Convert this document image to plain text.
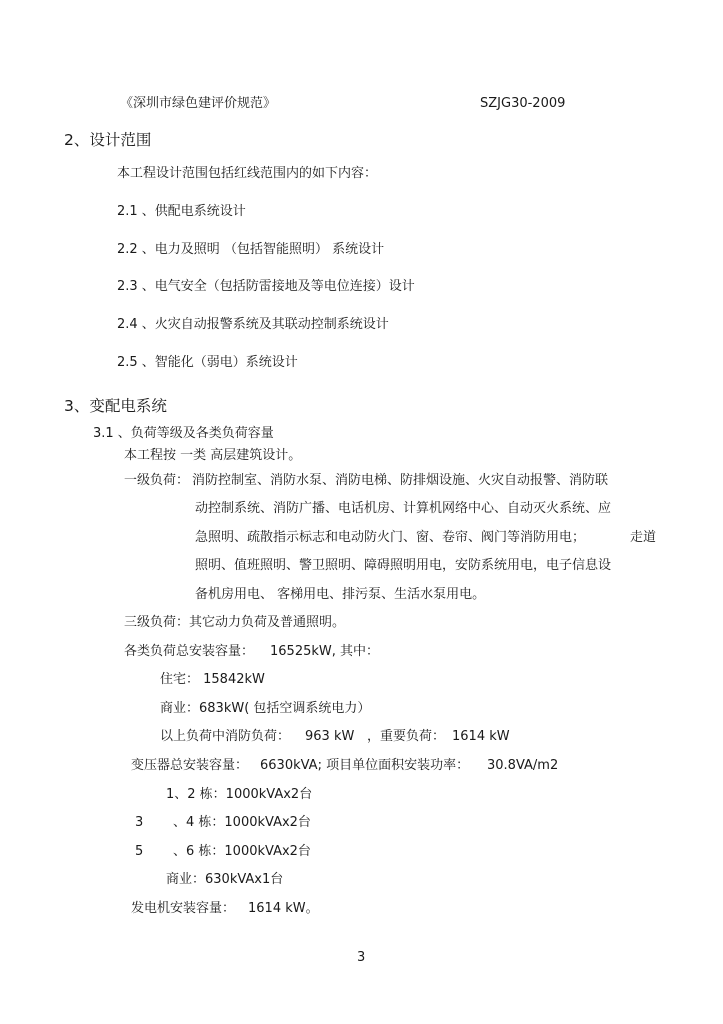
《深圳市绿色建评价规范》	SZJG30-2009
2、设计范围
本工程设计范围包括红线范围内的如下内容：
2.1 、供配电系统设计
2.2 、电力及照明 （包括智能照明） 系统设计
2.3 、电气安全（包括防雷接地及等电位连接）设计
2.4 、火灾自动报警系统及其联动控制系统设计
2.5 、智能化（弱电）系统设计
3、变配电系统
3.1 、负荷等级及各类负荷容量
本工程按 一类 高层建筑设计。
一级负荷： 消防控制室、消防水泵、消防电梯、防排烟设施、火灾自动报警、消防联
动控制系统、消防广播、电话机房、计算机网络中心、自动灭火系统、应
急照明、疏散指示标志和电动防火门、窗、卷帘、阀门等消防用电；	走道
照明、值班照明、警卫照明、障碍照明用电，安防系统用电，电子信息设
备机房用电、 客梯用电、排污泵、生活水泵用电。
三级负荷：其它动力负荷及普通照明。
各类负荷总安装容量： 16525kW, 其中：
住宅： 15842kW
商业：683kW( 包括空调系统电力）
以上负荷中消防负荷： 963 kW ，重要负荷： 1614 kW
变压器总安装容量： 6630kVA; 项目单位面积安装功率： 30.8VA/m2
1、2 栋：1000kVAx2台
3 、4 栋：1000kVAx2台
5 、6 栋：1000kVAx2台
商业：630kVAx1台
发电机安装容量： 1614 kW。
3
